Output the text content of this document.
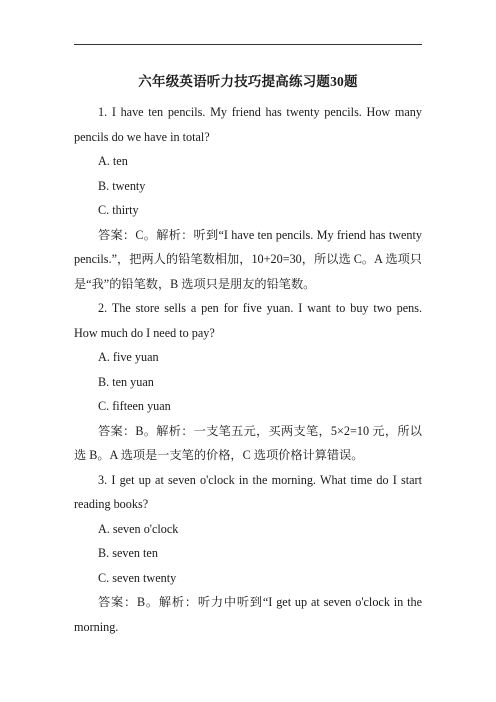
六年级英语听力技巧提高练习题30题

1. I have ten pencils. My friend has twenty pencils. How many pencils do we have in total?

A. ten

B. twenty

C. thirty

答案：C。解析：听到“I have ten pencils. My friend has twenty pencils.”，把两人的铅笔数相加，10+20=30，所以选 C。A 选项只是“我”的铅笔数，B 选项只是朋友的铅笔数。

2. The store sells a pen for five yuan. I want to buy two pens. How much do I need to pay?

A. five yuan

B. ten yuan

C. fifteen yuan

答案：B。解析：一支笔五元，买两支笔，5×2=10 元，所以选 B。A 选项是一支笔的价格，C 选项价格计算错误。

3. I get up at seven o'clock in the morning. What time do I start reading books?

A. seven o'clock

B. seven ten

C. seven twenty

答案：B。解析：听力中听到“I get up at seven o'clock in the morning.
